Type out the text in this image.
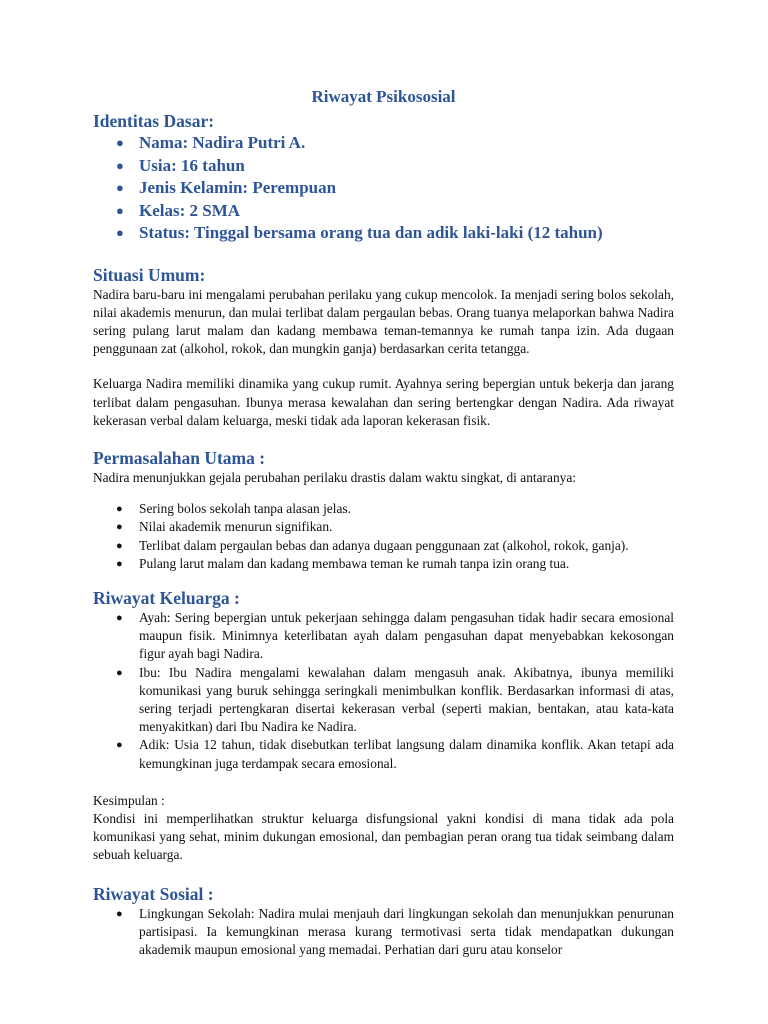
Riwayat Psikososial
Identitas Dasar:
● Nama: Nadira Putri A.
● Usia: 16 tahun
● Jenis Kelamin: Perempuan
● Kelas: 2 SMA
● Status: Tinggal bersama orang tua dan adik laki-laki (12 tahun)
Situasi Umum:

Nadira baru-baru ini mengalami perubahan perilaku yang cukup mencolok. Ia menjadi sering bolos sekolah, nilai akademis menurun, dan mulai terlibat dalam pergaulan bebas. Orang tuanya melaporkan bahwa Nadira sering pulang larut malam dan kadang membawa teman-temannya ke rumah tanpa izin. Ada dugaan penggunaan zat (alkohol, rokok, dan mungkin ganja) berdasarkan cerita tetangga.

Keluarga Nadira memiliki dinamika yang cukup rumit. Ayahnya sering bepergian untuk bekerja dan jarang terlibat dalam pengasuhan. Ibunya merasa kewalahan dan sering bertengkar dengan Nadira. Ada riwayat kekerasan verbal dalam keluarga, meski tidak ada laporan kekerasan fisik.

Permasalahan Utama :

Nadira menunjukkan gejala perubahan perilaku drastis dalam waktu singkat, di antaranya:

● Sering bolos sekolah tanpa alasan jelas.
● Nilai akademik menurun signifikan.
● Terlibat dalam pergaulan bebas dan adanya dugaan penggunaan zat (alkohol, rokok, ganja).
● Pulang larut malam dan kadang membawa teman ke rumah tanpa izin orang tua.
Riwayat Keluarga :
● Ayah: Sering bepergian untuk pekerjaan sehingga dalam pengasuhan tidak hadir secara emosional maupun fisik. Minimnya keterlibatan ayah dalam pengasuhan dapat menyebabkan kekosongan figur ayah bagi Nadira.
● Ibu: Ibu Nadira mengalami kewalahan dalam mengasuh anak. Akibatnya, ibunya memiliki komunikasi yang buruk sehingga seringkali menimbulkan konflik. Berdasarkan informasi di atas, sering terjadi pertengkaran disertai kekerasan verbal (seperti makian, bentakan, atau kata-kata menyakitkan) dari Ibu Nadira ke Nadira.
● Adik: Usia 12 tahun, tidak disebutkan terlibat langsung dalam dinamika konflik. Akan tetapi ada kemungkinan juga terdampak secara emosional.

Kesimpulan :

Kondisi ini memperlihatkan struktur keluarga disfungsional yakni kondisi di mana tidak ada pola komunikasi yang sehat, minim dukungan emosional, dan pembagian peran orang tua tidak seimbang dalam sebuah keluarga.

Riwayat Sosial :
● Lingkungan Sekolah: Nadira mulai menjauh dari lingkungan sekolah dan menunjukkan penurunan partisipasi. Ia kemungkinan merasa kurang termotivasi serta tidak mendapatkan dukungan akademik maupun emosional yang memadai. Perhatian dari guru atau konselor
